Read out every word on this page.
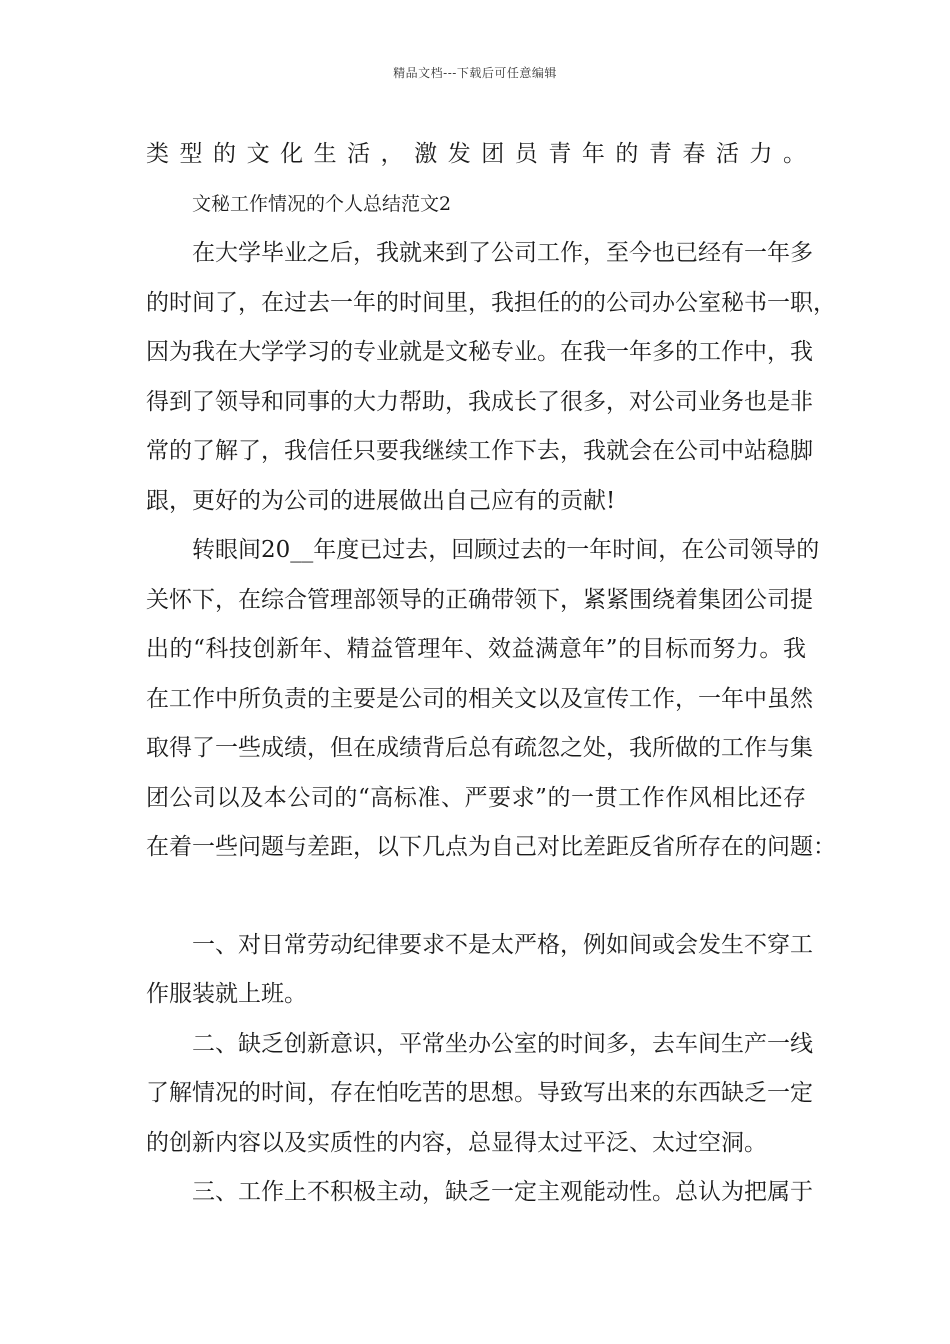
精品文档---下载后可任意编辑
类型的文化生活，激发团员青年的青春活力。
文秘工作情况的个人总结范文2
在大学毕业之后，我就来到了公司工作，至今也已经有一年多
的时间了，在过去一年的时间里，我担任的的公司办公室秘书一职，
因为我在大学学习的专业就是文秘专业。在我一年多的工作中，我
得到了领导和同事的大力帮助，我成长了很多，对公司业务也是非
常的了解了，我信任只要我继续工作下去，我就会在公司中站稳脚
跟，更好的为公司的进展做出自己应有的贡献!
转眼间20__年度已过去，回顾过去的一年时间，在公司领导的
关怀下，在综合管理部领导的正确带领下，紧紧围绕着集团公司提
出的“科技创新年、精益管理年、效益满意年”的目标而努力。我
在工作中所负责的主要是公司的相关文以及宣传工作，一年中虽然
取得了一些成绩，但在成绩背后总有疏忽之处，我所做的工作与集
团公司以及本公司的“高标准、严要求”的一贯工作作风相比还存
在着一些问题与差距，以下几点为自己对比差距反省所存在的问题：
一、对日常劳动纪律要求不是太严格，例如间或会发生不穿工
作服装就上班。
二、缺乏创新意识，平常坐办公室的时间多，去车间生产一线
了解情况的时间，存在怕吃苦的思想。导致写出来的东西缺乏一定
的创新内容以及实质性的内容，总显得太过平泛、太过空洞。
三、工作上不积极主动，缺乏一定主观能动性。总认为把属于
